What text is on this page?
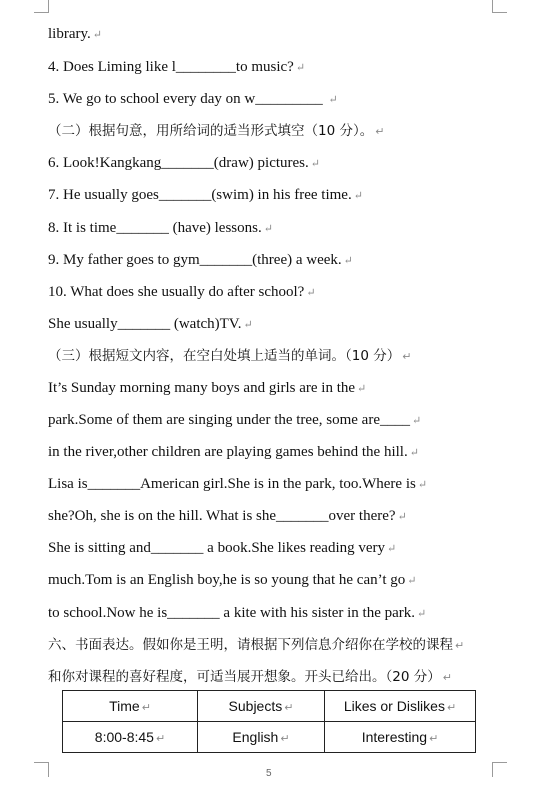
library. ↵
4. Does Liming like l________to music? ↵
5. We go to school every day on w_________ ↵
（二）根据句意，用所给词的适当形式填空（10 分）。 ↵
6. Look!Kangkang_______(draw) pictures. ↵
7. He usually goes_______(swim) in his free time. ↵
8. It is time_______ (have) lessons. ↵
9. My father goes to gym_______(three) a week. ↵
10. What does she usually do after school? ↵
She usually_______ (watch)TV. ↵
（三）根据短文内容，在空白处填上适当的单词。（10 分） ↵
It’s Sunday morning many boys and girls are in the ↵
park.Some of them are singing under the tree, some are____ ↵
in the river,other children are playing games behind the hill. ↵
Lisa is_______American girl.She is in the park, too.Where is ↵
she?Oh, she is on the hill. What is she_______over there? ↵
She is sitting and_______ a book.She likes reading very ↵
much.Tom is an English boy,he is so young that he can’t go ↵
to school.Now he is_______ a kite with his sister in the park. ↵
六、书面表达。假如你是王明，请根据下列信息介绍你在学校的课程 ↵
和你对课程的喜好程度，可适当展开想象。开头已给出。（20 分） ↵
Time ↵	Subjects ↵	Likes or Dislikes ↵
8:00-8:45 ↵	English ↵	Interesting ↵
5
